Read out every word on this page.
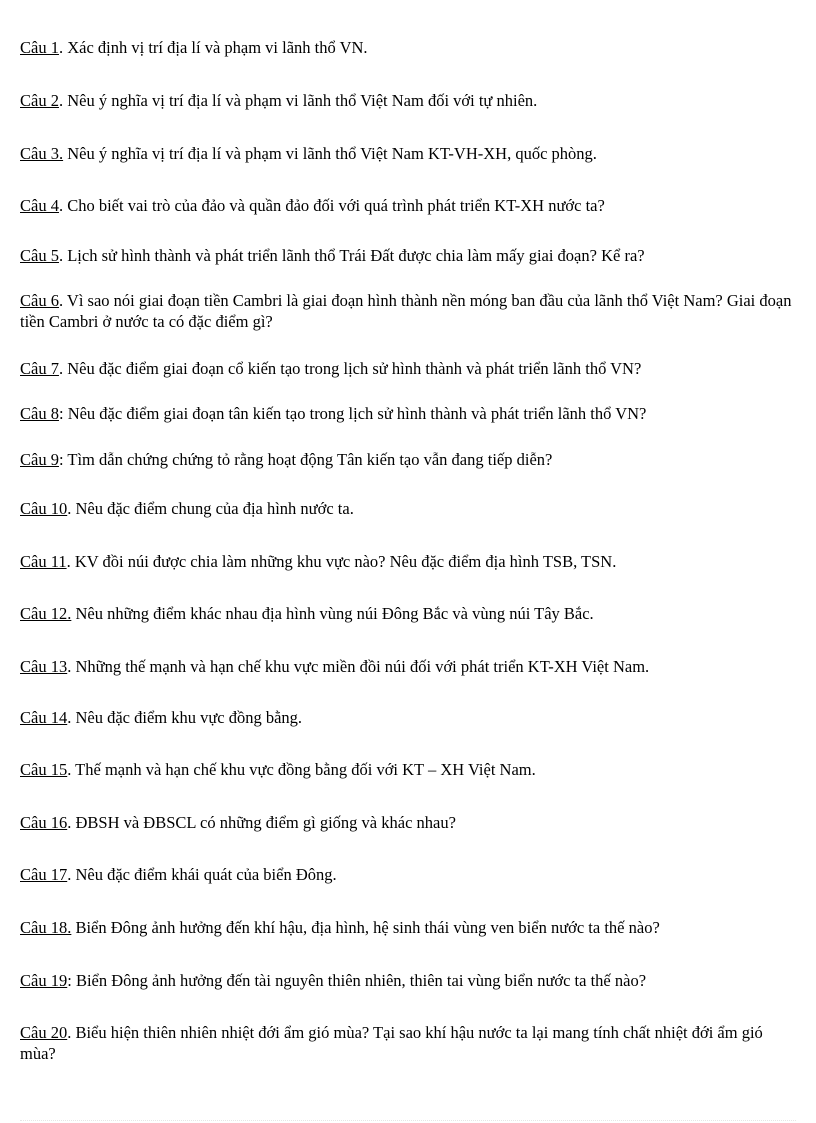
Câu 1. Xác định vị trí địa lí và phạm vi lãnh thổ VN.

Câu 2. Nêu ý nghĩa vị trí địa lí và phạm vi lãnh thổ Việt Nam đối với tự nhiên.

Câu 3. Nêu ý nghĩa vị trí địa lí và phạm vi lãnh thổ Việt Nam KT-VH-XH, quốc phòng.

Câu 4. Cho biết vai trò của đảo và quần đảo đối với quá trình phát triển KT-XH nước ta?

Câu 5. Lịch sử hình thành và phát triển lãnh thổ Trái Đất được chia làm mấy giai đoạn? Kể ra?

Câu 6. Vì sao nói giai đoạn tiền Cambri là giai đoạn hình thành nền móng ban đầu của lãnh thổ Việt Nam? Giai đoạn tiền Cambri ở nước ta có đặc điểm gì?

Câu 7. Nêu đặc điểm giai đoạn cổ kiến tạo trong lịch sử hình thành và phát triển lãnh thổ VN?

Câu 8: Nêu đặc điểm giai đoạn tân kiến tạo trong lịch sử hình thành và phát triển lãnh thổ VN?

Câu 9: Tìm dẫn chứng chứng tỏ rằng hoạt động Tân kiến tạo vẫn đang tiếp diễn?

Câu 10. Nêu đặc điểm chung của địa hình nước ta.

Câu 11. KV đồi núi được chia làm những khu vực nào? Nêu đặc điểm địa hình TSB, TSN.

Câu 12. Nêu những điểm khác nhau địa hình vùng núi Đông Bắc và vùng núi Tây Bắc.

Câu 13. Những thế mạnh và hạn chế khu vực miền đồi núi đối với phát triển KT-XH Việt Nam.

Câu 14. Nêu đặc điểm khu vực đồng bằng.

Câu 15. Thế mạnh và hạn chế khu vực đồng bằng đối với KT – XH Việt Nam.

Câu 16. ĐBSH và ĐBSCL có những điểm gì giống và khác nhau?

Câu 17. Nêu đặc điểm khái quát của biển Đông.

Câu 18. Biển Đông ảnh hưởng đến khí hậu, địa hình, hệ sinh thái vùng ven biển nước ta thế nào?

Câu 19: Biển Đông ảnh hưởng đến tài nguyên thiên nhiên, thiên tai vùng biển nước ta thế nào?

Câu 20. Biểu hiện thiên nhiên nhiệt đới ẩm gió mùa? Tại sao khí hậu nước ta lại mang tính chất nhiệt đới ẩm gió mùa?
